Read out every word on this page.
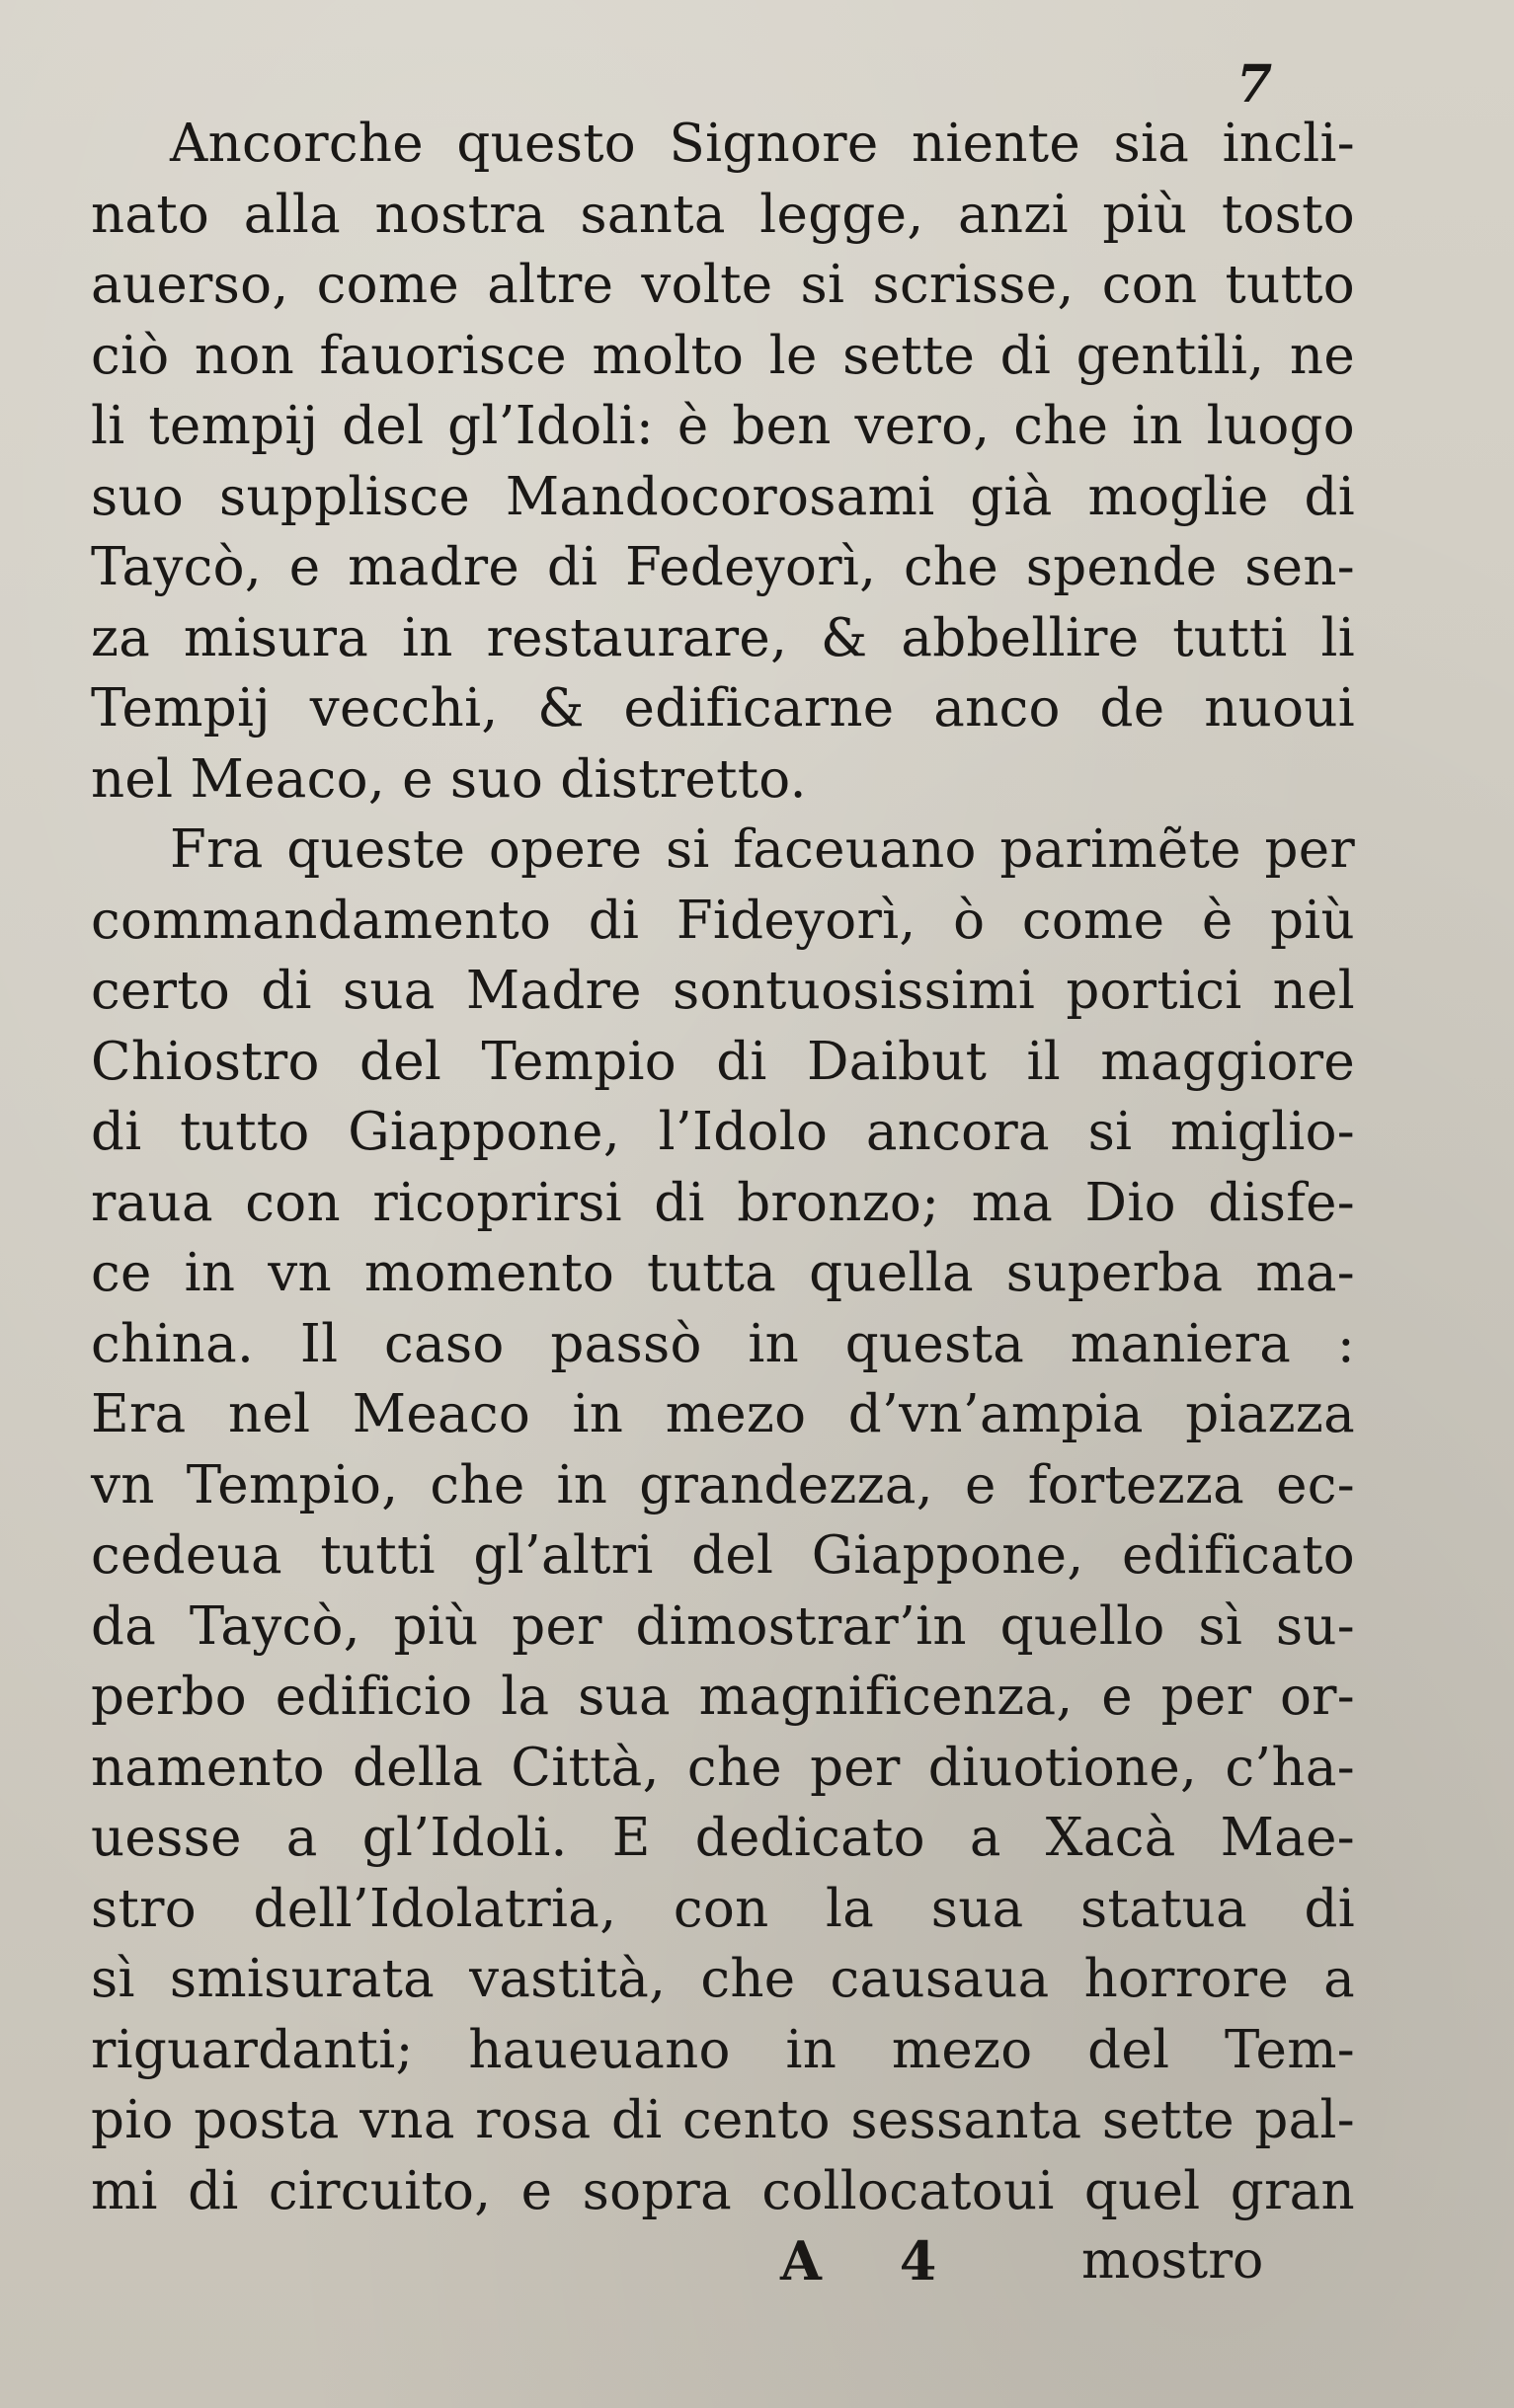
7
Ancorche questo Signore niente sia incli-
nato alla nostra santa legge, anzi più tosto
auerso, come altre volte si scrisse, con tutto
ciò non fauorisce molto le sette di gentili, ne
li tempij del gl’Idoli: è ben vero, che in luogo
suo supplisce Mandocorosami già moglie di
Taycò, e madre di Fedeyorì, che spende sen-
za misura in restaurare, & abbellire tutti li
Tempij vecchi, & edificarne anco de nuoui
nel Meaco, e suo distretto.
Fra queste opere si faceuano parimẽte per
commandamento di Fideyorì, ò come è più
certo di sua Madre sontuosissimi portici nel
Chiostro del Tempio di Daibut il maggiore
di tutto Giappone, l’Idolo ancora si miglio-
raua con ricoprirsi di bronzo; ma Dio disfe-
ce in vn momento tutta quella superba ma-
china. Il caso passò in questa maniera :
Era nel Meaco in mezo d’vn’ampia piazza
vn Tempio, che in grandezza, e fortezza ec-
cedeua tutti gl’altri del Giappone, edificato
da Taycò, più per dimostrar’in quello sì su-
perbo edificio la sua magnificenza, e per or-
namento della Città, che per diuotione, c’ha-
uesse a gl’Idoli. E dedicato a Xacà Mae-
stro dell’Idolatria, con la sua statua di
sì smisurata vastità, che causaua horrore a
riguardanti; haueuano in mezo del Tem-
pio posta vna rosa di cento sessanta sette pal-
mi di circuito, e sopra collocatoui quel gran
A 4 mostro
